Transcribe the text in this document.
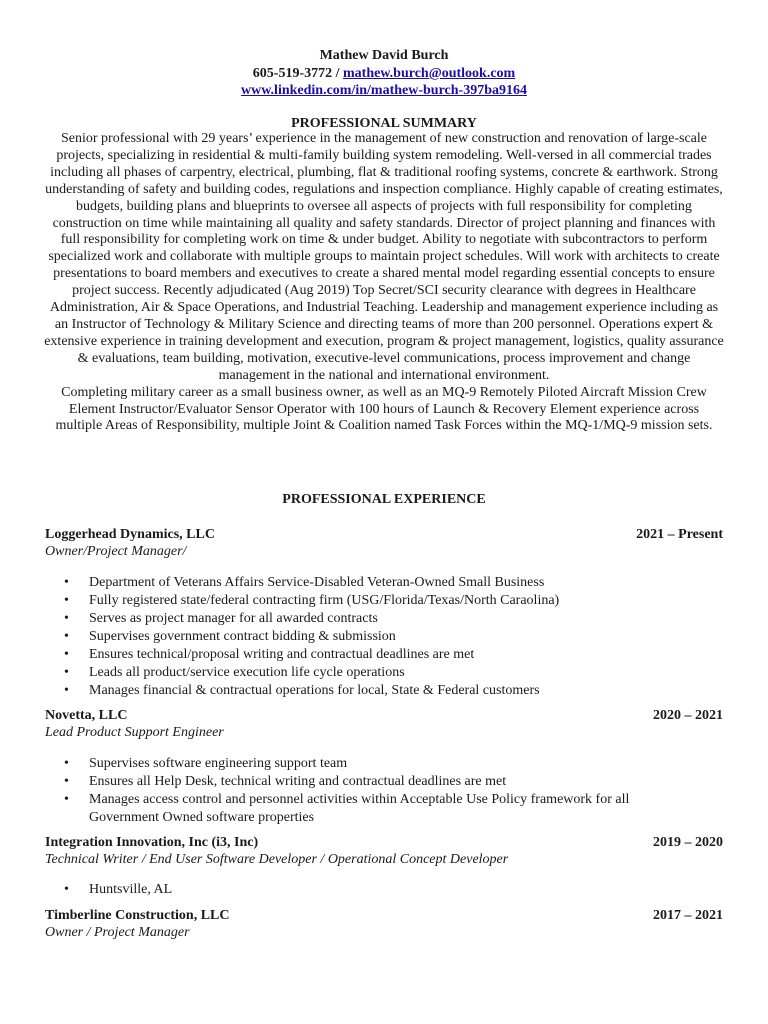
Mathew David Burch
605-519-3772 / mathew.burch@outlook.com
www.linkedin.com/in/mathew-burch-397ba9164
PROFESSIONAL SUMMARY

Senior professional with 29 years’ experience in the management of new construction and renovation of large-scale projects, specializing in residential & multi-family building system remodeling. Well-versed in all commercial trades including all phases of carpentry, electrical, plumbing, flat & traditional roofing systems, concrete & earthwork. Strong understanding of safety and building codes, regulations and inspection compliance. Highly capable of creating estimates, budgets, building plans and blueprints to oversee all aspects of projects with full responsibility for completing construction on time while maintaining all quality and safety standards. Director of project planning and finances with full responsibility for completing work on time & under budget. Ability to negotiate with subcontractors to perform specialized work and collaborate with multiple groups to maintain project schedules. Will work with architects to create presentations to board members and executives to create a shared mental model regarding essential concepts to ensure project success. Recently adjudicated (Aug 2019) Top Secret/SCI security clearance with degrees in Healthcare Administration, Air & Space Operations, and Industrial Teaching. Leadership and management experience including as an Instructor of Technology & Military Science and directing teams of more than 200 personnel. Operations expert & extensive experience in training development and execution, program & project management, logistics, quality assurance & evaluations, team building, motivation, executive-level communications, process improvement and change management in the national and international environment.

Completing military career as a small business owner, as well as an MQ-9 Remotely Piloted Aircraft Mission Crew Element Instructor/Evaluator Sensor Operator with 100 hours of Launch & Recovery Element experience across multiple Areas of Responsibility, multiple Joint & Coalition named Task Forces within the MQ-1/MQ-9 mission sets.

PROFESSIONAL EXPERIENCE
Loggerhead Dynamics, LLC	2021 – Present
Owner/Project Manager/
• Department of Veterans Affairs Service-Disabled Veteran-Owned Small Business
• Fully registered state/federal contracting firm (USG/Florida/Texas/North Caraolina)
• Serves as project manager for all awarded contracts
• Supervises government contract bidding & submission
• Ensures technical/proposal writing and contractual deadlines are met
• Leads all product/service execution life cycle operations
• Manages financial & contractual operations for local, State & Federal customers
Novetta, LLC	2020 – 2021
Lead Product Support Engineer
• Supervises software engineering support team
• Ensures all Help Desk, technical writing and contractual deadlines are met
• Manages access control and personnel activities within Acceptable Use Policy framework for all Government Owned software properties
Integration Innovation, Inc (i3, Inc)	2019 – 2020
Technical Writer / End User Software Developer / Operational Concept Developer
• Huntsville, AL
Timberline Construction, LLC	2017 – 2021
Owner / Project Manager
